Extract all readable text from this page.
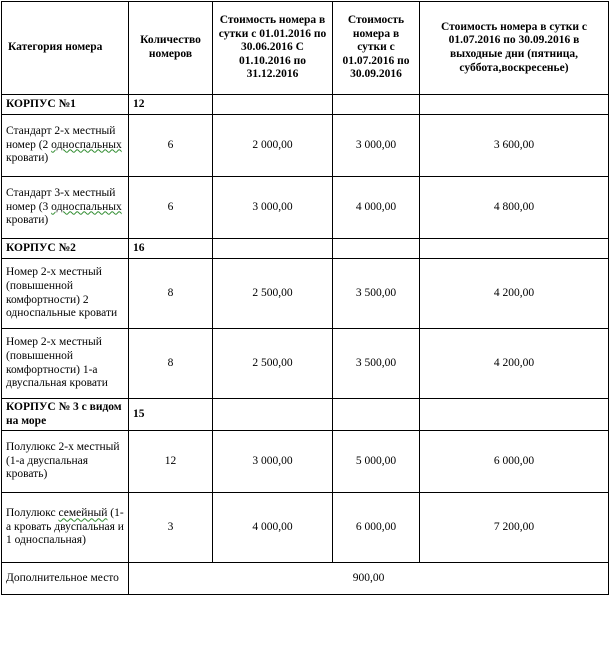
Категория номера	Количество номеров	Стоимость номера в сутки с 01.01.2016 по 30.06.2016 С 01.10.2016 по 31.12.2016	Стоимость номера в сутки с 01.07.2016 по 30.09.2016	Стоимость номера в сутки с 01.07.2016 по 30.09.2016 в выходные дни (пятница, суббота,воскресенье)
КОРПУС №1	12			
Стандарт 2-х местный номер (2 односпальных кровати)	6	2 000,00	3 000,00	3 600,00
Стандарт 3-х местный номер (3 односпальных кровати)	6	3 000,00	4 000,00	4 800,00
КОРПУС №2	16			
Номер 2-х местный (повышенной комфортности) 2 односпальные кровати	8	2 500,00	3 500,00	4 200,00
Номер 2-х местный (повышенной комфортности) 1-а двуспальная кровати	8	2 500,00	3 500,00	4 200,00
КОРПУС № 3 с видом на море	15			
Полулюкс 2-х местный (1-а двуспальная кровать)	12	3 000,00	5 000,00	6 000,00
Полулюкс семейный (1-а кровать двуспальная и 1 односпальная)	3	4 000,00	6 000,00	7 200,00
Дополнительное место	900,00			
